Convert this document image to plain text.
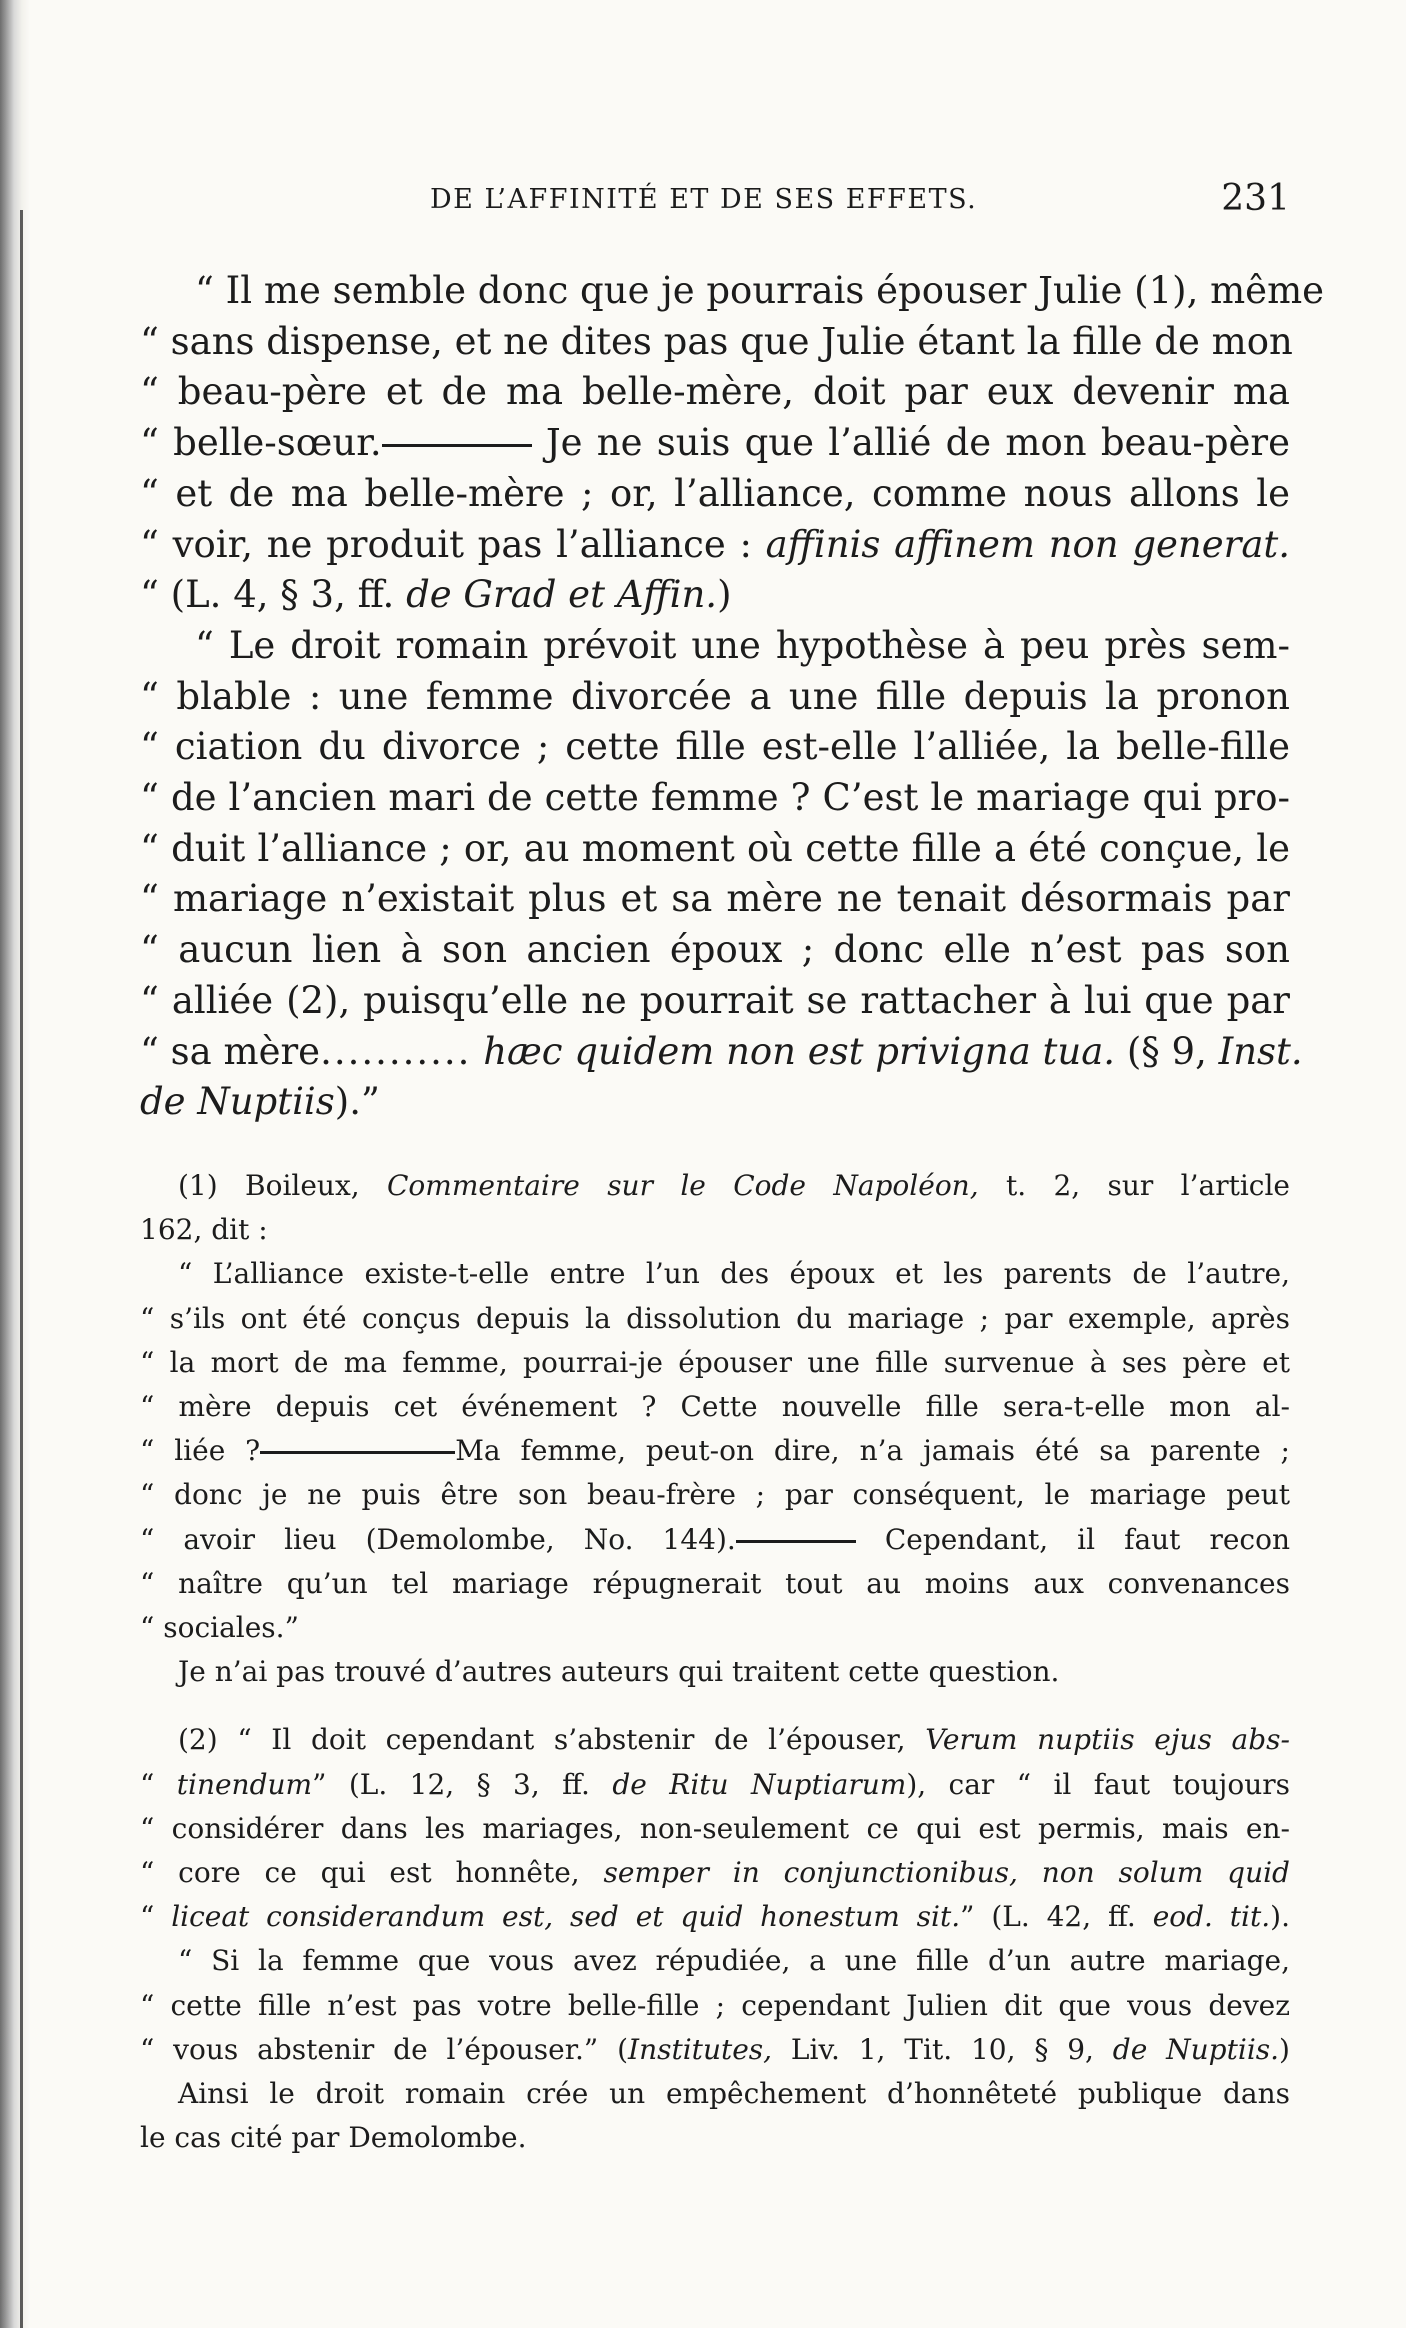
DE L’AFFINITÉ ET DE SES EFFETS.	231
“ Il me semble donc que je pourrais épouser Julie (1), même
“ sans dispense, et ne dites pas que Julie étant la fille de mon
“ beau-père et de ma belle-mère, doit par eux devenir ma
“ belle-sœur.	Je ne suis que l’allié de mon beau-père
“ et de ma belle-mère ; or, l’alliance, comme nous allons le
“ voir, ne produit pas l’alliance : affinis affinem non generat.
“ (L. 4, § 3, ff. de Grad et Affin.)
“ Le droit romain prévoit une hypothèse à peu près sem-
“ blable : une femme divorcée a une fille depuis la pronon
“ ciation du divorce ; cette fille est-elle l’alliée, la belle-fille
“ de l’ancien mari de cette femme ? C’est le mariage qui pro-
“ duit l’alliance ; or, au moment où cette fille a été conçue, le
“ mariage n’existait plus et sa mère ne tenait désormais par
“ aucun lien à son ancien époux ; donc elle n’est pas son
“ alliée (2), puisqu’elle ne pourrait se rattacher à lui que par
“ sa mère........... hæc quidem non est privigna tua. (§ 9, Inst.
de Nuptiis).”
(1) Boileux, Commentaire sur le Code Napoléon, t. 2, sur l’article
162, dit :
“ L’alliance existe-t-elle entre l’un des époux et les parents de l’autre,
“ s’ils ont été conçus depuis la dissolution du mariage ; par exemple, après
“ la mort de ma femme, pourrai-je épouser une fille survenue à ses père et
“ mère depuis cet événement ? Cette nouvelle fille sera-t-elle mon al-
“ liée ?	Ma femme, peut-on dire, n’a jamais été sa parente ;
“ donc je ne puis être son beau-frère ; par conséquent, le mariage peut
“ avoir lieu (Demolombe, No. 144).	Cependant, il faut recon
“ naître qu’un tel mariage répugnerait tout au moins aux convenances
“ sociales.”
Je n’ai pas trouvé d’autres auteurs qui traitent cette question.
(2) “ Il doit cependant s’abstenir de l’épouser, Verum nuptiis ejus abs-
“ tinendum” (L. 12, § 3, ff. de Ritu Nuptiarum), car “ il faut toujours
“ considérer dans les mariages, non-seulement ce qui est permis, mais en-
“ core ce qui est honnête, semper in conjunctionibus, non solum quid
“ liceat considerandum est, sed et quid honestum sit.” (L. 42, ff. eod. tit.).
“ Si la femme que vous avez répudiée, a une fille d’un autre mariage,
“ cette fille n’est pas votre belle-fille ; cependant Julien dit que vous devez
“ vous abstenir de l’épouser.” (Institutes, Liv. 1, Tit. 10, § 9, de Nuptiis.)
Ainsi le droit romain crée un empêchement d’honnêteté publique dans
le cas cité par Demolombe.
